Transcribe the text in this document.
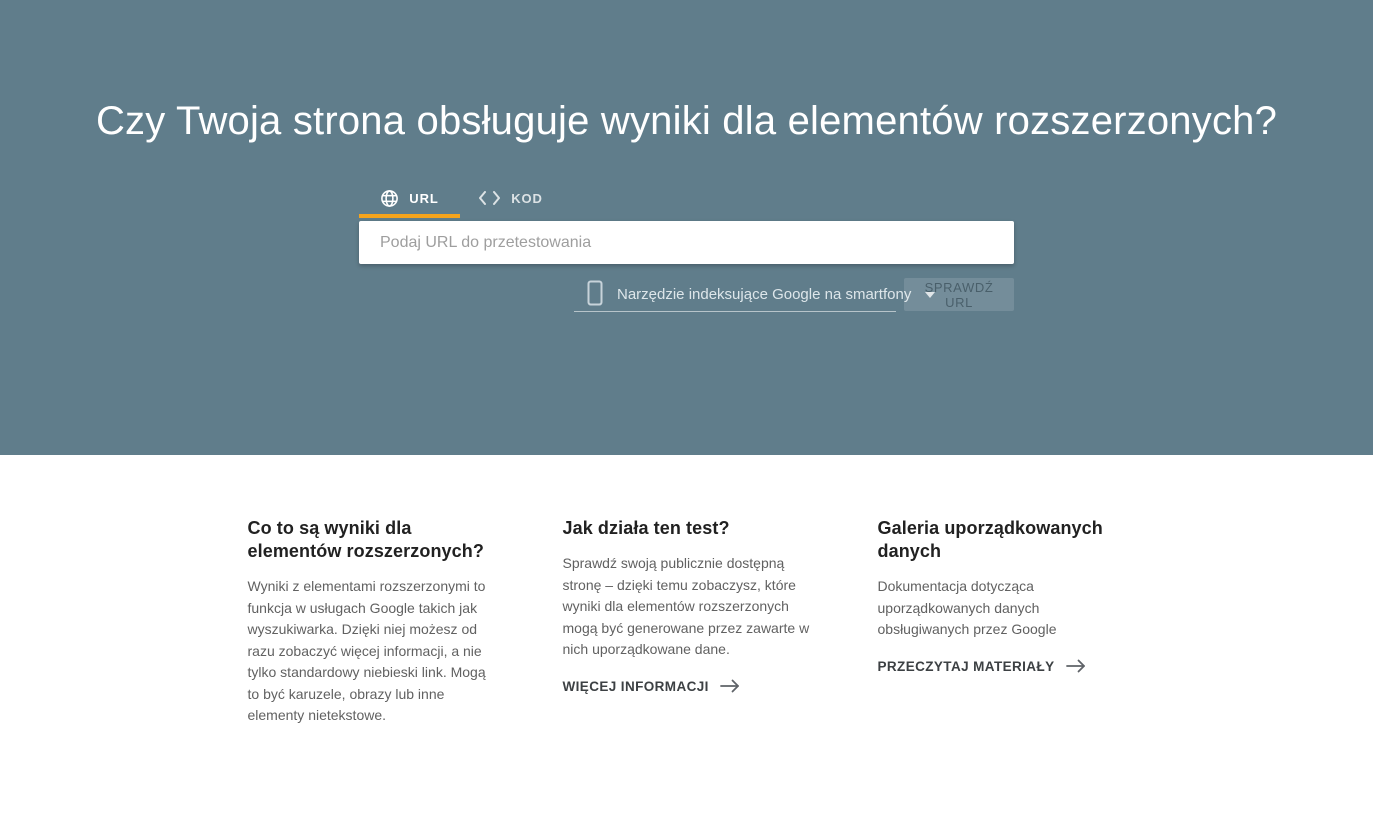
Czy Twoja strona obsługuje wyniki dla elementów rozszerzonych?
URL	KOD
Podaj URL do przetestowania
Narzędzie indeksujące Google na smartfony	SPRAWDŹ URL
Co to są wyniki dla elementów rozszerzonych?

Wyniki z elementami rozszerzonymi to funkcja w usługach Google takich jak wyszukiwarka. Dzięki niej możesz od razu zobaczyć więcej informacji, a nie tylko standardowy niebieski link. Mogą to być karuzele, obrazy lub inne elementy nietekstowe.

Jak działa ten test?

Sprawdź swoją publicznie dostępną stronę – dzięki temu zobaczysz, które wyniki dla elementów rozszerzonych mogą być generowane przez zawarte w nich uporządkowane dane.

WIĘCEJ INFORMACJI
Galeria uporządkowanych danych

Dokumentacja dotycząca uporządkowanych danych obsługiwanych przez Google

PRZECZYTAJ MATERIAŁY
